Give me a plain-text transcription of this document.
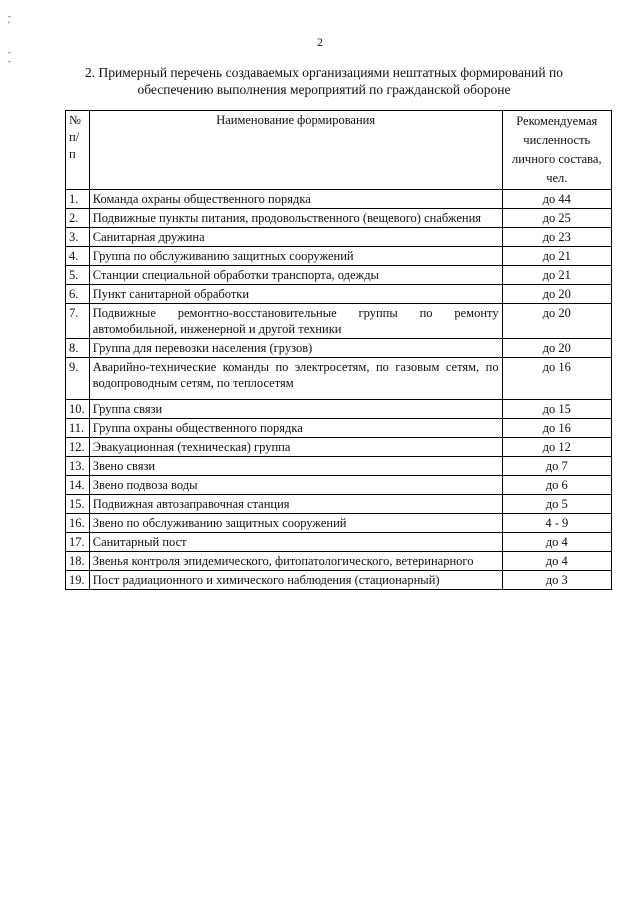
-
'
-
-
2
2. Примерный перечень создаваемых организациями нештатных формирований по обеспечению выполнения мероприятий по гражданской обороне
№ п/п	Наименование формирования	Рекомендуемая численность личного состава, чел.
1.	Команда охраны общественного порядка	до 44
2.	Подвижные пункты питания, продовольственного (вещевого) снабжения	до 25
3.	Санитарная дружина	до 23
4.	Группа по обслуживанию защитных сооружений	до 21
5.	Станции специальной обработки транспорта, одежды	до 21
6.	Пункт санитарной обработки	до 20
7.	Подвижные ремонтно-восстановительные группы по ремонту автомобильной, инженерной и другой техники	до 20
8.	Группа для перевозки населения (грузов)	до 20
9.	Аварийно-технические команды по электросетям, по газовым сетям, по водопроводным сетям, по теплосетям	до 16
10.	Группа связи	до 15
11.	Группа охраны общественного порядка	до 16
12.	Эвакуационная (техническая) группа	до 12
13.	Звено связи	до 7
14.	Звено подвоза воды	до 6
15.	Подвижная автозаправочная станция	до 5
16.	Звено по обслуживанию защитных сооружений	4 - 9
17.	Санитарный пост	до 4
18.	Звенья контроля эпидемического, фитопатологического, ветеринарного	до 4
19.	Пост радиационного и химического наблюдения (стационарный)	до 3
